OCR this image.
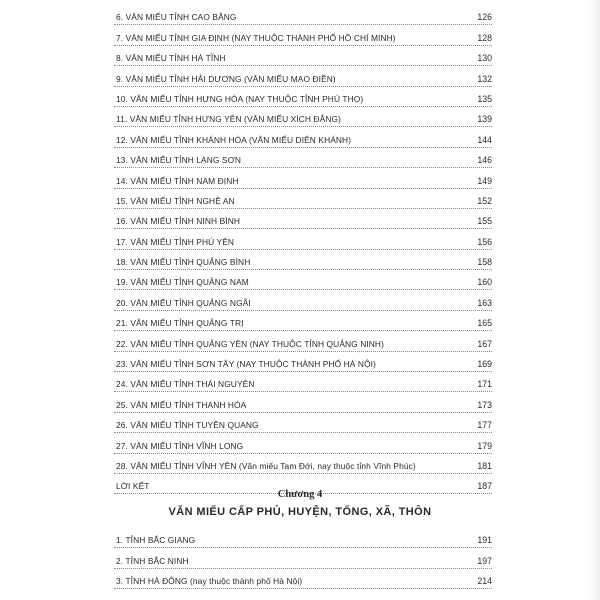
6. VĂN MIẾU TỈNH CAO BẰNG	126
7. VĂN MIẾU TỈNH GIA ĐỊNH (NAY THUỘC THÀNH PHỐ HỒ CHÍ MINH)	128
8. VĂN MIẾU TỈNH HÀ TĨNH	130
9. VĂN MIẾU TỈNH HẢI DƯƠNG (VĂN MIẾU MAO ĐIỀN)	132
10. VĂN MIẾU TỈNH HƯNG HÓA (NAY THUỘC TỈNH PHÚ THỌ)	135
11. VĂN MIẾU TỈNH HƯNG YÊN (VĂN MIẾU XÍCH ĐẰNG)	139
12. VĂN MIẾU TỈNH KHÁNH HÒA (VĂN MIẾU DIÊN KHÁNH)	144
13. VĂN MIẾU TỈNH LẠNG SƠN	146
14. VĂN MIẾU TỈNH NAM ĐỊNH	149
15. VĂN MIẾU TỈNH NGHỆ AN	152
16. VĂN MIẾU TỈNH NINH BÌNH	155
17. VĂN MIẾU TỈNH PHÚ YÊN	156
18. VĂN MIẾU TỈNH QUẢNG BÌNH	158
19. VĂN MIẾU TỈNH QUẢNG NAM	160
20. VĂN MIẾU TỈNH QUẢNG NGÃI	163
21. VĂN MIẾU TỈNH QUẢNG TRỊ	165
22. VĂN MIẾU TỈNH QUẢNG YÊN (NAY THUỘC TỈNH QUẢNG NINH)	167
23. VĂN MIẾU TỈNH SƠN TÂY (NAY THUỘC THÀNH PHỐ HÀ NỘI)	169
24. VĂN MIẾU TỈNH THÁI NGUYÊN	171
25. VĂN MIẾU TỈNH THANH HÓA	173
26. VĂN MIẾU TỈNH TUYÊN QUANG	177
27. VĂN MIẾU TỈNH VĨNH LONG	179
28. VĂN MIẾU TỈNH VĨNH YÊN (Văn miếu Tam Đới, nay thuộc tỉnh Vĩnh Phúc)	181
LỜI KẾT	187
Chương 4
VĂN MIẾU CẤP PHỦ, HUYỆN, TỔNG, XÃ, THÔN
1. TỈNH BẮC GIANG	191
2. TỈNH BẮC NINH	197
3. TỈNH HÀ ĐÔNG (nay thuộc thành phố Hà Nội)	214
